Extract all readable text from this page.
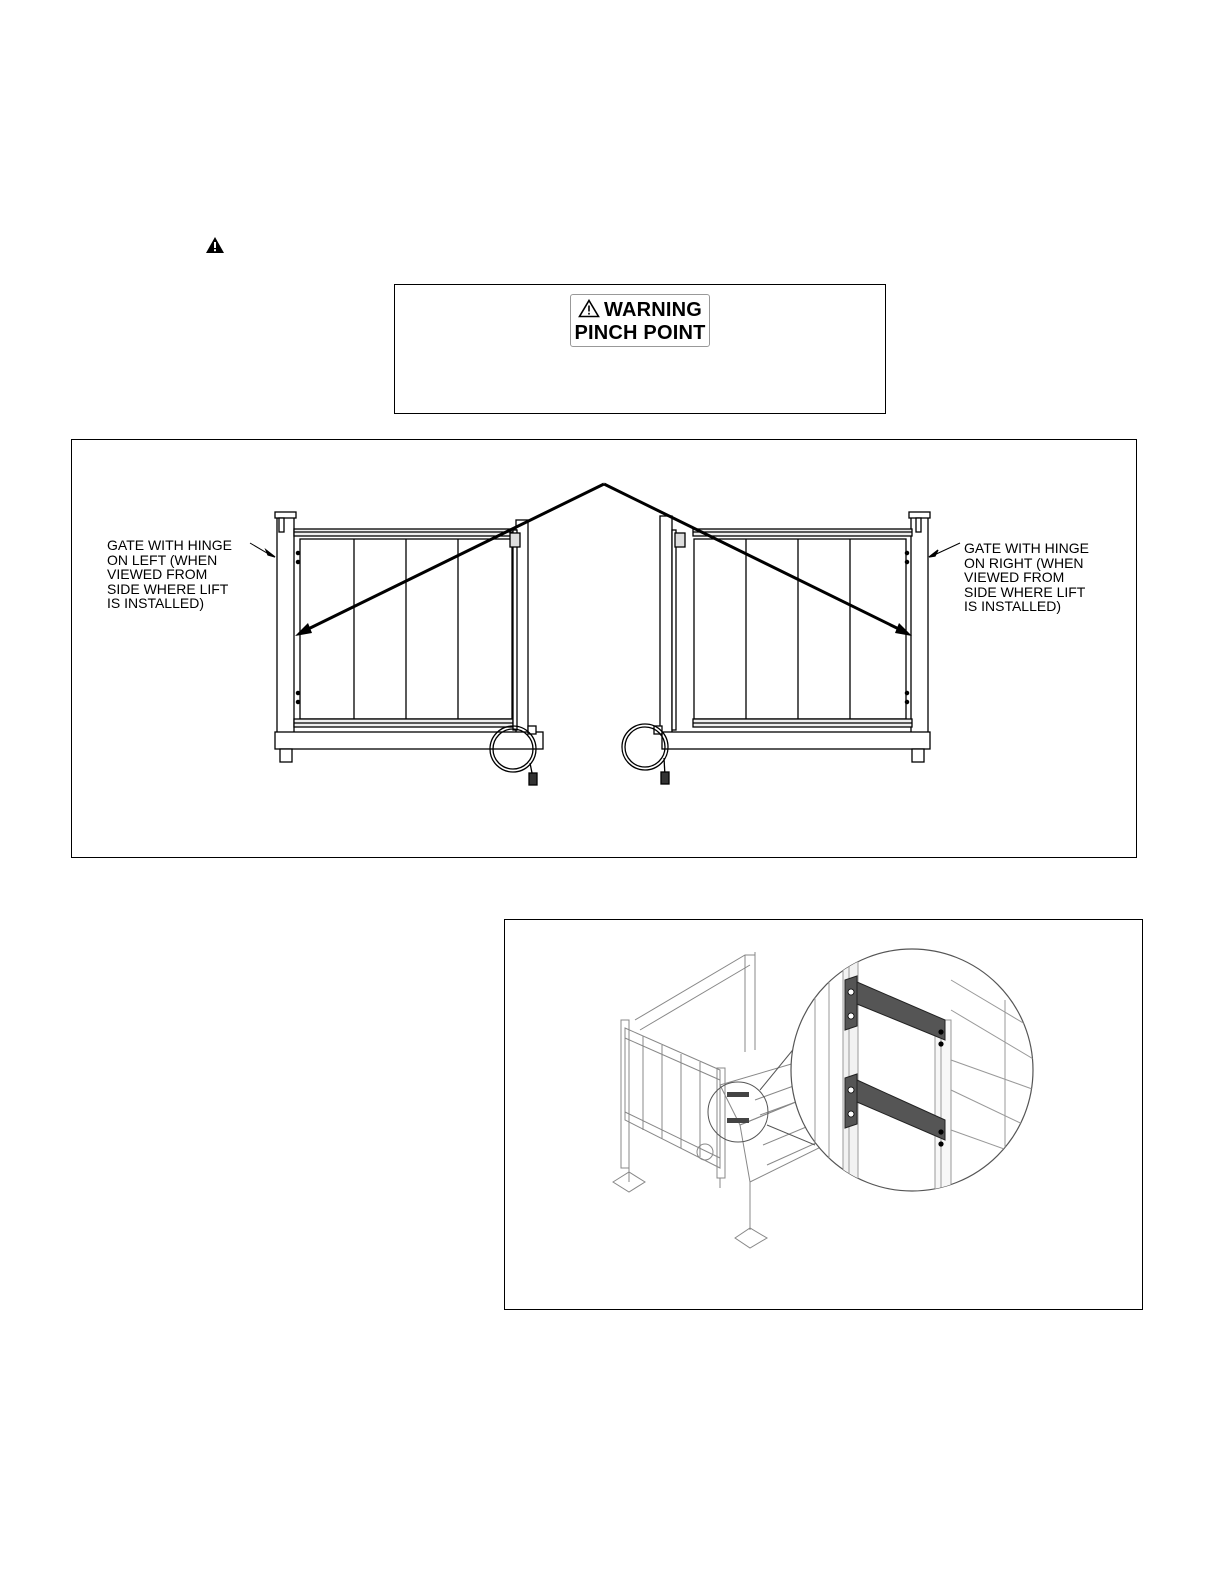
WARNING
PINCH POINT
GATE WITH HINGE
ON LEFT (WHEN
VIEWED FROM
SIDE WHERE LIFT
IS INSTALLED)
GATE WITH HINGE
ON RIGHT (WHEN
VIEWED FROM
SIDE WHERE LIFT
IS INSTALLED)
